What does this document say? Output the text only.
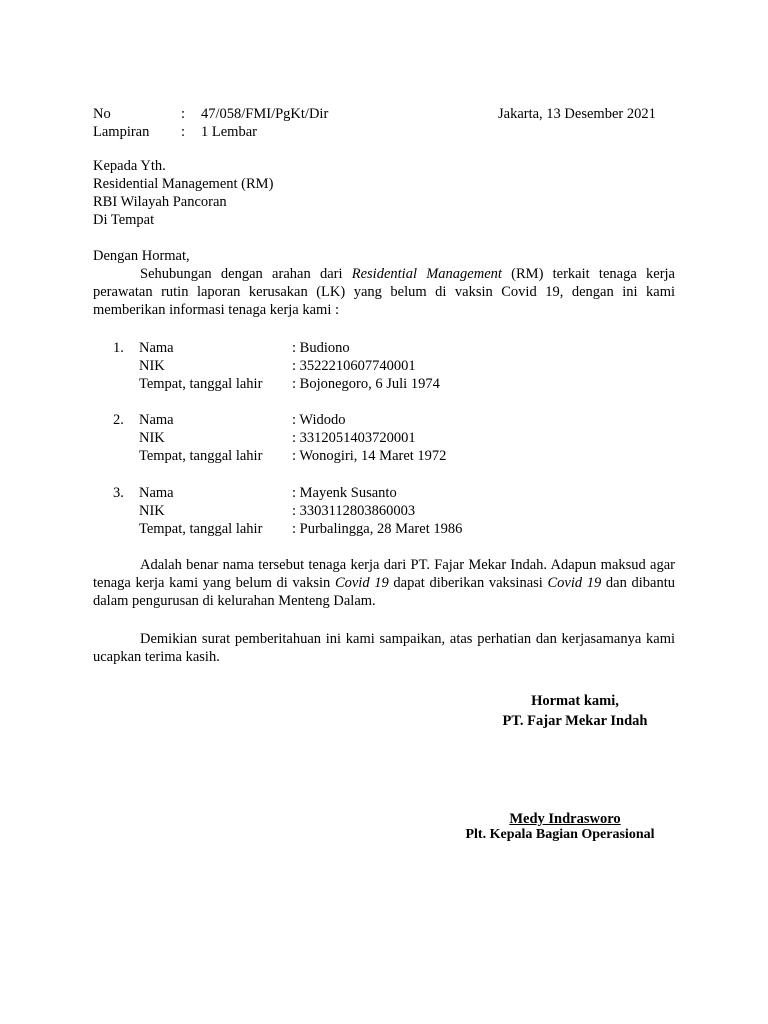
No	: 47/058/FMI/PgKt/Dir	Jakarta, 13 Desember 2021
Lampiran : 1 Lembar
Kepada Yth.
Residential Management (RM)
RBI Wilayah Pancoran
Di Tempat
Dengan Hormat,
Sehubungan dengan arahan dari Residential Management (RM) terkait tenaga kerja perawatan rutin laporan kerusakan (LK) yang belum di vaksin Covid 19, dengan ini kami memberikan informasi tenaga kerja kami :
1. Nama	: Budiono
NIK	: 3522210607740001
Tempat, tanggal lahir : Bojonegoro, 6 Juli 1974
2. Nama	: Widodo
NIK	: 3312051403720001
Tempat, tanggal lahir : Wonogiri, 14 Maret 1972
3. Nama	: Mayenk Susanto
NIK	: 3303112803860003
Tempat, tanggal lahir : Purbalingga, 28 Maret 1986
Adalah benar nama tersebut tenaga kerja dari PT. Fajar Mekar Indah. Adapun maksud agar tenaga kerja kami yang belum di vaksin Covid 19 dapat diberikan vaksinasi Covid 19 dan dibantu dalam pengurusan di kelurahan Menteng Dalam.
Demikian surat pemberitahuan ini kami sampaikan, atas perhatian dan kerjasamanya kami ucapkan terima kasih.
Hormat kami,
PT. Fajar Mekar Indah
Medy Indrasworo
Plt. Kepala Bagian Operasional
